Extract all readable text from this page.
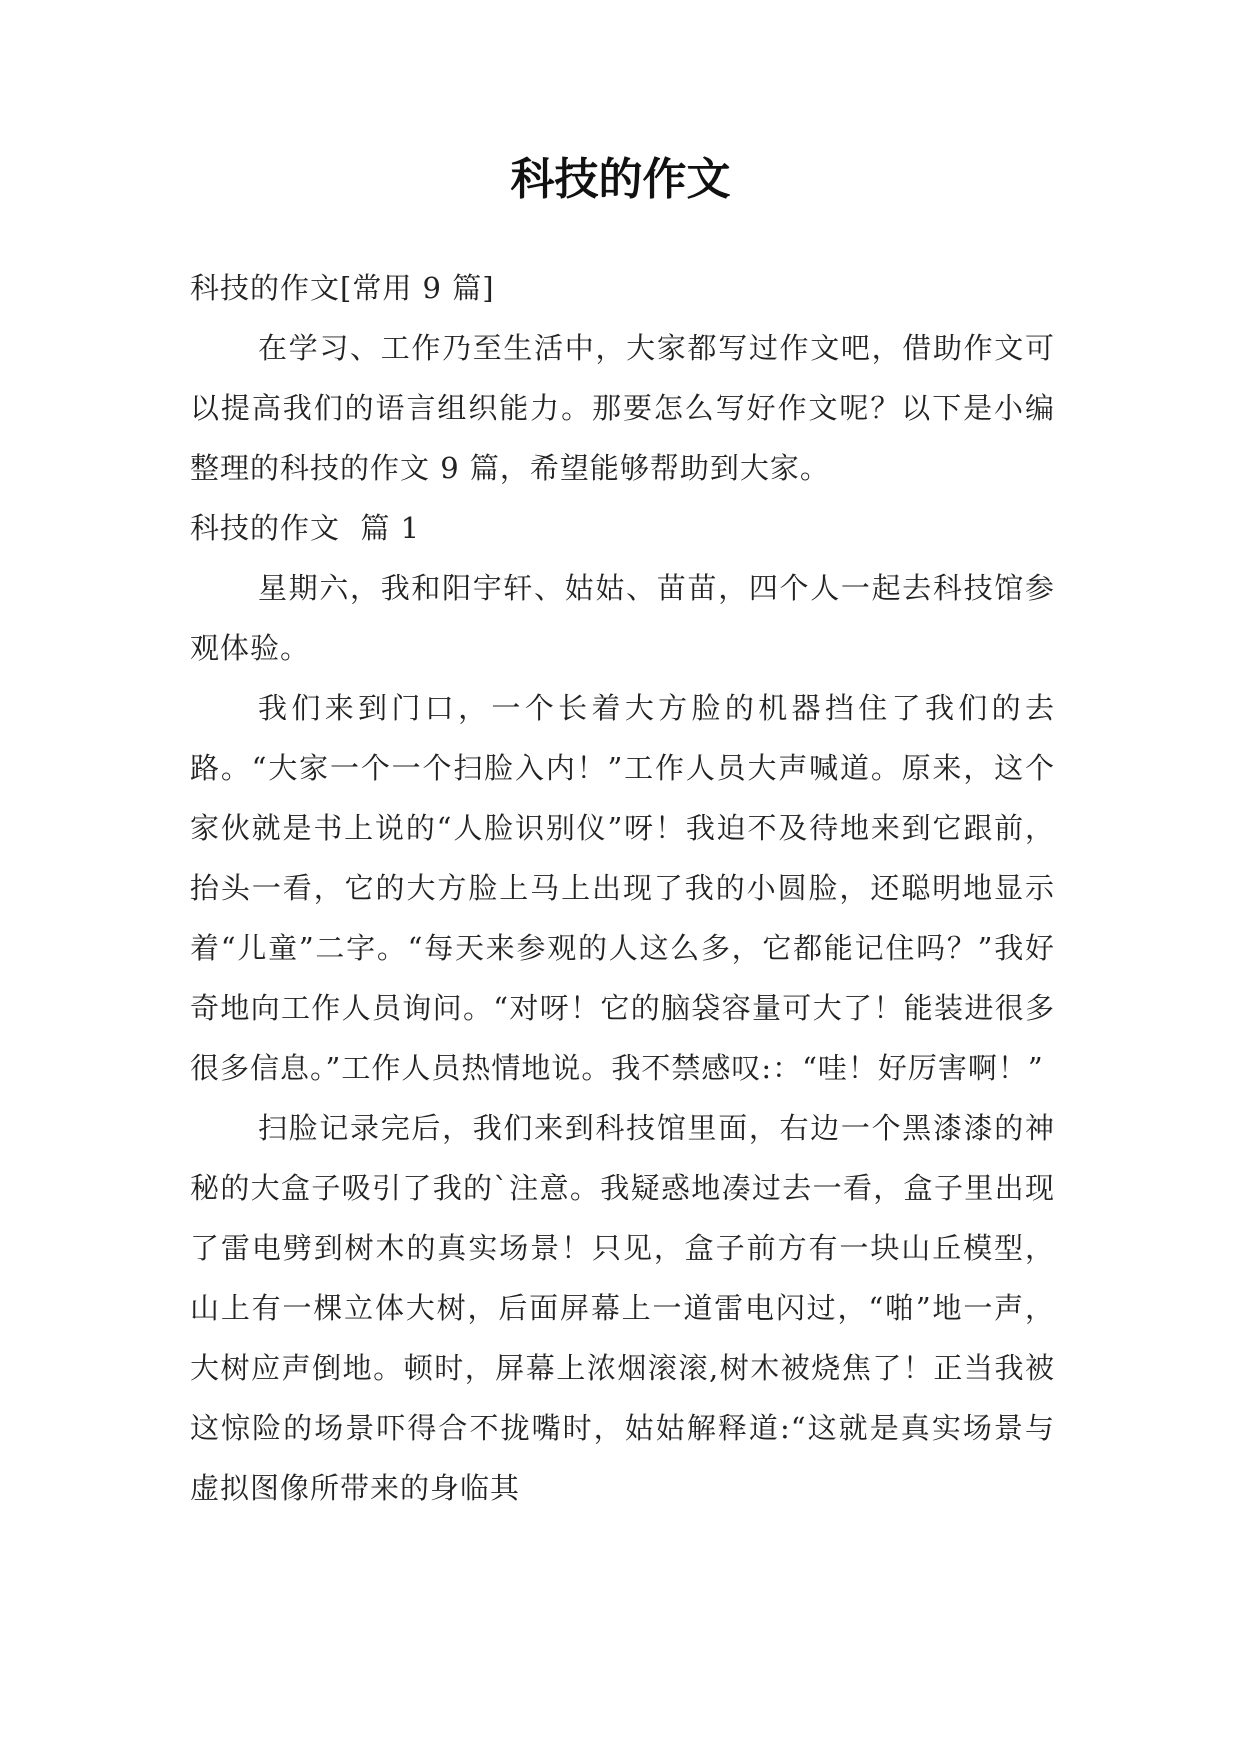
科技的作文

科技的作文[常用 9 篇]

在学习、工作乃至生活中，大家都写过作文吧，借助作文可以提高我们的语言组织能力。那要怎么写好作文呢？以下是小编整理的科技的作文 9 篇，希望能够帮助到大家。

科技的作文  篇 1

星期六，我和阳宇轩、姑姑、苗苗，四个人一起去科技馆参观体验。

我们来到门口，一个长着大方脸的机器挡住了我们的去路。“大家一个一个扫脸入内！”工作人员大声喊道。原来，这个家伙就是书上说的“人脸识别仪”呀！我迫不及待地来到它跟前，抬头一看，它的大方脸上马上出现了我的小圆脸，还聪明地显示着“儿童”二字。“每天来参观的人这么多，它都能记住吗？”我好奇地向工作人员询问。“对呀！它的脑袋容量可大了！能装进很多很多信息。”工作人员热情地说。我不禁感叹:：“哇！好厉害啊！”

扫脸记录完后，我们来到科技馆里面，右边一个黑漆漆的神秘的大盒子吸引了我的`注意。我疑惑地凑过去一看，盒子里出现了雷电劈到树木的真实场景！只见，盒子前方有一块山丘模型，山上有一棵立体大树，后面屏幕上一道雷电闪过，“啪”地一声，大树应声倒地。顿时，屏幕上浓烟滚滚,树木被烧焦了！正当我被这惊险的场景吓得合不拢嘴时，姑姑解释道:“这就是真实场景与虚拟图像所带来的身临其
